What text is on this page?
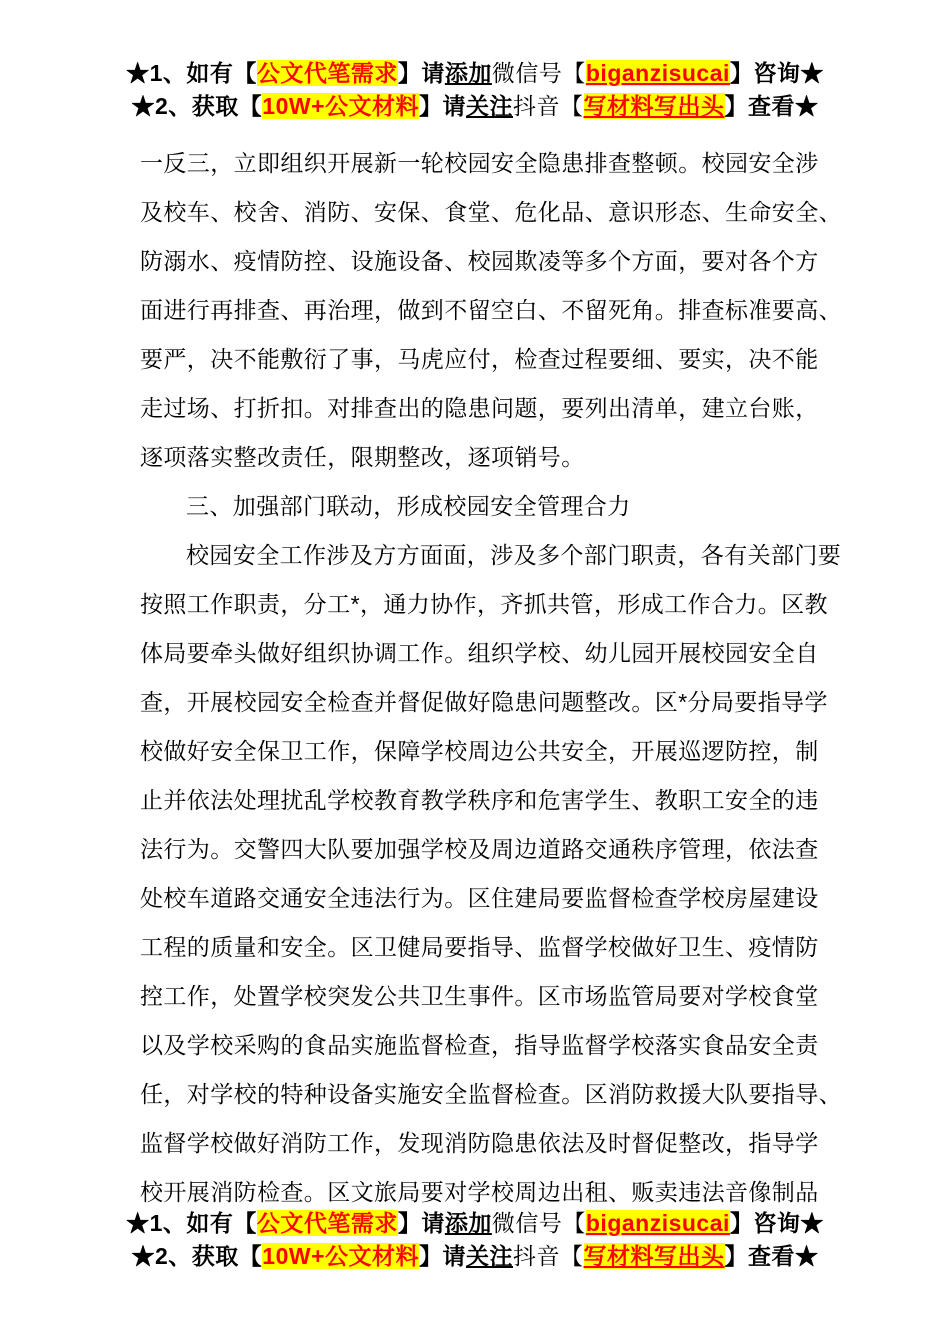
★1、如有【公文代笔需求】请添加微信号【biganzisucai】咨询★
★2、获取【10W+公文材料】请关注抖音【写材料写出头】查看★
一反三，立即组织开展新一轮校园安全隐患排查整顿。校园安全涉
及校车、校舍、消防、安保、食堂、危化品、意识形态、生命安全、
防溺水、疫情防控、设施设备、校园欺凌等多个方面，要对各个方
面进行再排查、再治理，做到不留空白、不留死角。排查标准要高、
要严，决不能敷衍了事，马虎应付，检查过程要细、要实，决不能
走过场、打折扣。对排查出的隐患问题，要列出清单，建立台账，
逐项落实整改责任，限期整改，逐项销号。
三、加强部门联动，形成校园安全管理合力
校园安全工作涉及方方面面，涉及多个部门职责，各有关部门要
按照工作职责，分工*，通力协作，齐抓共管，形成工作合力。区教
体局要牵头做好组织协调工作。组织学校、幼儿园开展校园安全自
查，开展校园安全检查并督促做好隐患问题整改。区*分局要指导学
校做好安全保卫工作，保障学校周边公共安全，开展巡逻防控，制
止并依法处理扰乱学校教育教学秩序和危害学生、教职工安全的违
法行为。交警四大队要加强学校及周边道路交通秩序管理，依法查
处校车道路交通安全违法行为。区住建局要监督检查学校房屋建设
工程的质量和安全。区卫健局要指导、监督学校做好卫生、疫情防
控工作，处置学校突发公共卫生事件。区市场监管局要对学校食堂
以及学校采购的食品实施监督检查，指导监督学校落实食品安全责
任，对学校的特种设备实施安全监督检查。区消防救援大队要指导、
监督学校做好消防工作，发现消防隐患依法及时督促整改，指导学
校开展消防检查。区文旅局要对学校周边出租、贩卖违法音像制品
★1、如有【公文代笔需求】请添加微信号【biganzisucai】咨询★
★2、获取【10W+公文材料】请关注抖音【写材料写出头】查看★
